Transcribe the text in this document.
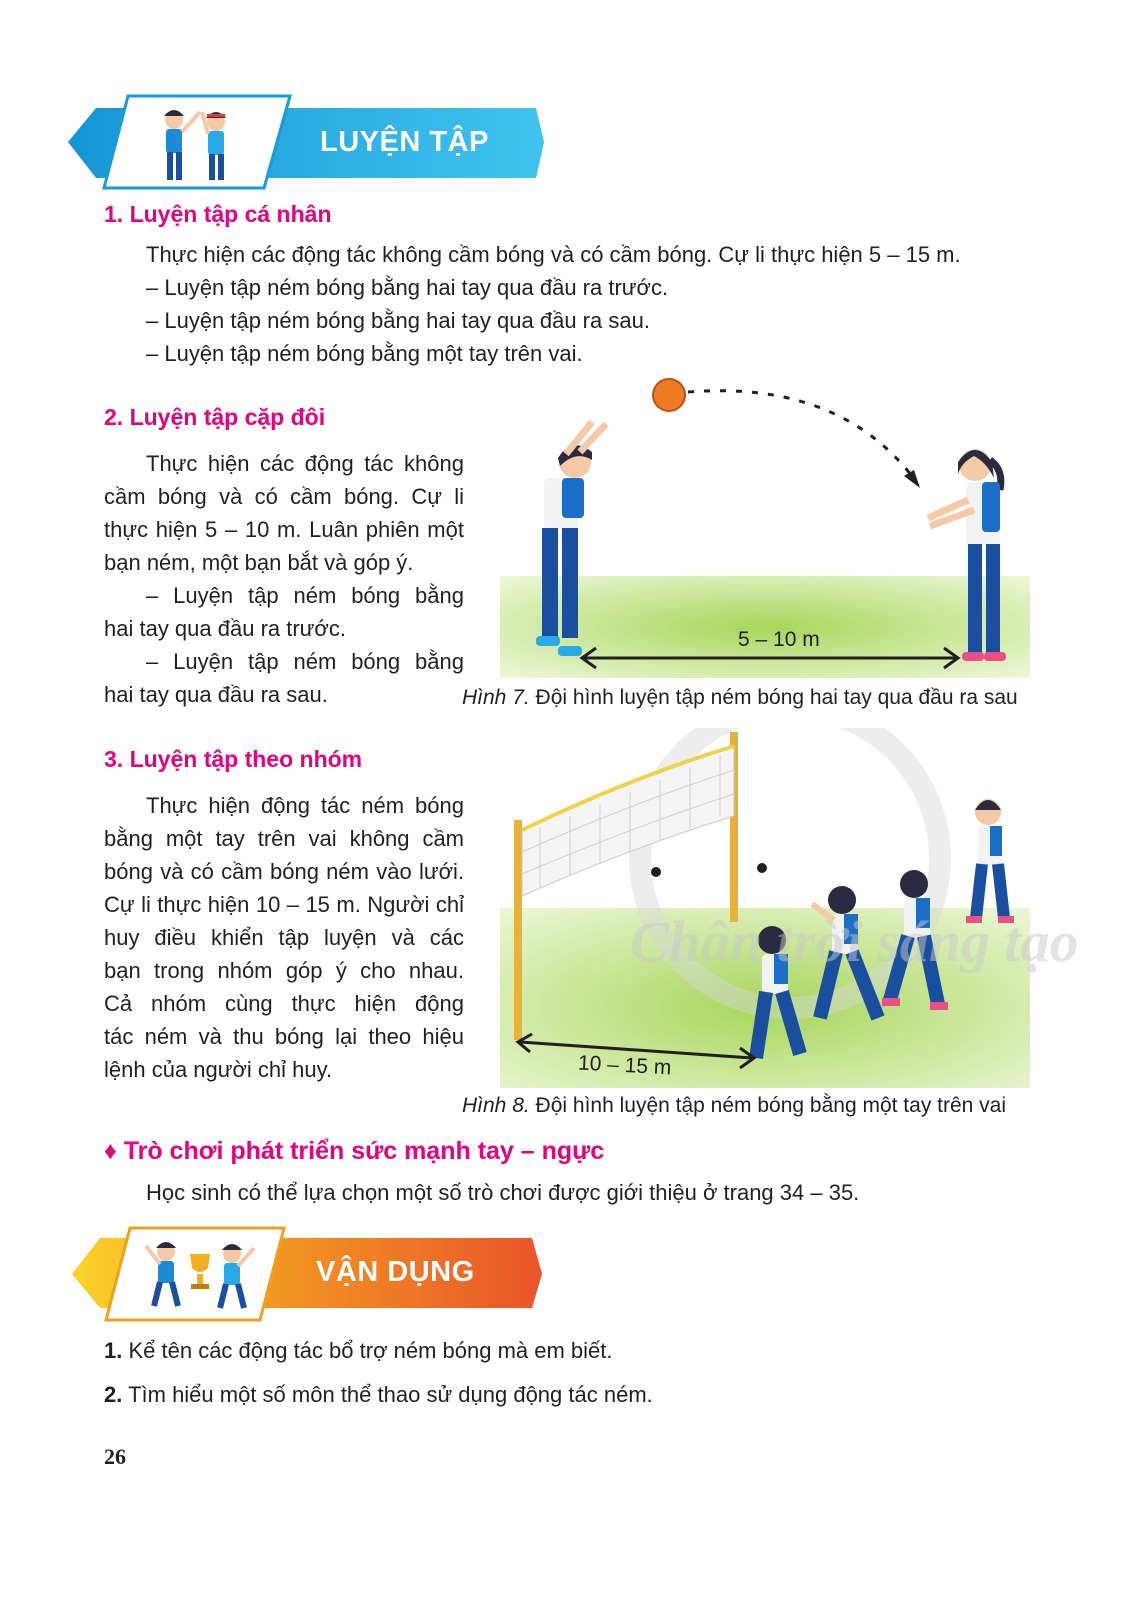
LUYỆN TẬP
1. Luyện tập cá nhân
Thực hiện các động tác không cầm bóng và có cầm bóng. Cự li thực hiện 5 – 15 m.
– Luyện tập ném bóng bằng hai tay qua đầu ra trước.
– Luyện tập ném bóng bằng hai tay qua đầu ra sau.
– Luyện tập ném bóng bằng một tay trên vai.
2. Luyện tập cặp đôi
Thực hiện các động tác không
cầm bóng và có cầm bóng. Cự li
thực hiện 5 – 10 m. Luân phiên một
bạn ném, một bạn bắt và góp ý.
– Luyện tập ném bóng bằng
hai tay qua đầu ra trước.
– Luyện tập ném bóng bằng
hai tay qua đầu ra sau.
5 – 10 m
Hình 7. Đội hình luyện tập ném bóng hai tay qua đầu ra sau
3. Luyện tập theo nhóm
Thực hiện động tác ném bóng
bằng một tay trên vai không cầm
bóng và có cầm bóng ném vào lưới.
Cự li thực hiện 10 – 15 m. Người chỉ
huy điều khiển tập luyện và các
bạn trong nhóm góp ý cho nhau.
Cả nhóm cùng thực hiện động
tác ném và thu bóng lại theo hiệu
lệnh của người chỉ huy.
Chân trời sáng tạo
10 – 15 m
Hình 8. Đội hình luyện tập ném bóng bằng một tay trên vai
♦ Trò chơi phát triển sức mạnh tay – ngực
Học sinh có thể lựa chọn một số trò chơi được giới thiệu ở trang 34 – 35.
VẬN DỤNG
1. Kể tên các động tác bổ trợ ném bóng mà em biết.
2. Tìm hiểu một số môn thể thao sử dụng động tác ném.
26
